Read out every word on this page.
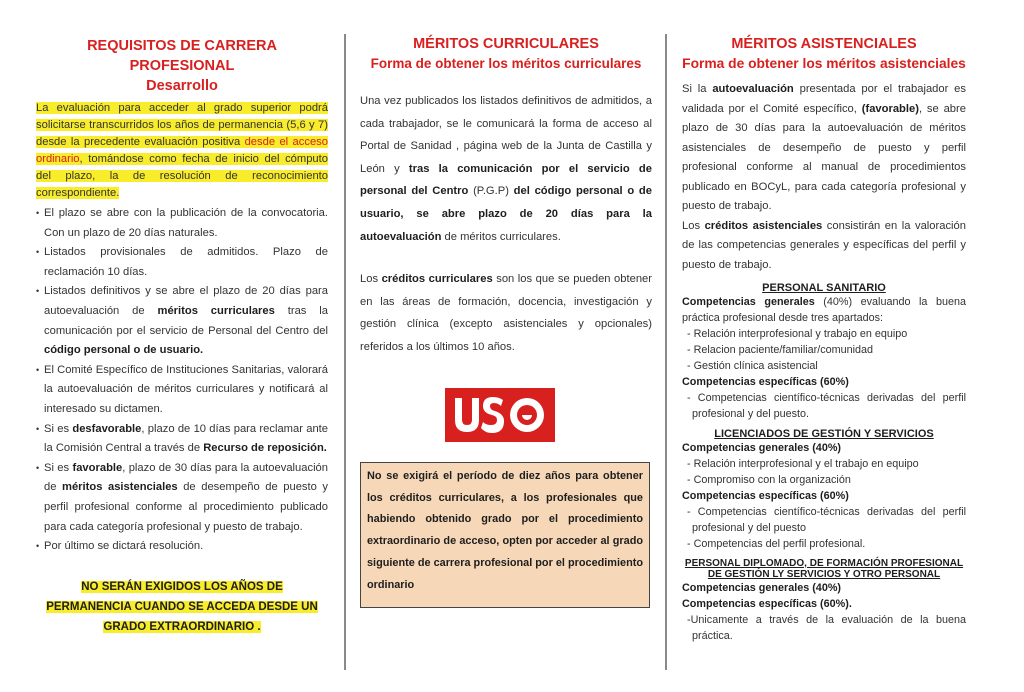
REQUISITOS DE CARRERA PROFESIONAL

Desarrollo

La evaluación para acceder al grado superior podrá solicitarse transcurridos los años de permanencia (5,6 y 7) desde la precedente evaluación positiva desde el acceso ordinario, tomándose como fecha de inicio del cómputo del plazo, la de resolución de reconocimiento correspondiente.

• El plazo se abre con la publicación de la convocatoria. Con un plazo de 20 días naturales.
• Listados provisionales de admitidos. Plazo de reclamación 10 días.
• Listados definitivos y se abre el plazo de 20 días para autoevaluación de méritos curriculares tras la comunicación por el servicio de Personal del Centro del código personal o de usuario.
• El Comité Específico de Instituciones Sanitarias, valorará la autoevaluación de méritos curriculares y notificará al interesado su dictamen.
• Si es desfavorable, plazo de 10 días para reclamar ante la Comisión Central a través de Recurso de reposición.
• Si es favorable, plazo de 30 días para la autoevaluación de méritos asistenciales de desempeño de puesto y perfil profesional conforme al procedimiento publicado para cada categoría profesional y puesto de trabajo.
• Por último se dictará resolución.
NO SERÁN EXIGIDOS LOS AÑOS DE
PERMANENCIA CUANDO SE ACCEDA DESDE UN
GRADO EXTRAORDINARIO .

MÉRITOS CURRICULARES

Forma de obtener los méritos curriculares

Una vez publicados los listados definitivos de admitidos, a cada trabajador, se le comunicará la forma de acceso al Portal de Sanidad , página web de la Junta de Castilla y León y tras la comunicación por el servicio de personal del Centro (P.G.P) del código personal o de usuario, se abre plazo de 20 días para la autoevaluación de méritos curriculares.

Los créditos curriculares son los que se pueden obtener en las áreas de formación, docencia, investigación y gestión clínica (excepto asistenciales y opcionales) referidos a los últimos 10 años.

No se exigirá el período de diez años para obtener los créditos curriculares, a los profesionales que habiendo obtenido grado por el procedimiento extraordinario de acceso, opten por acceder al grado siguiente de carrera profesional por el procedimiento ordinario

MÉRITOS ASISTENCIALES

Forma de obtener los méritos asistenciales

Si la autoevaluación presentada por el trabajador es validada por el Comité específico, (favorable), se abre plazo de 30 días para la autoevaluación de méritos asistenciales de desempeño de puesto y perfil profesional conforme al manual de procedimientos publicado en BOCyL, para cada categoría profesional y puesto de trabajo.

Los créditos asistenciales consistirán en la valoración de las competencias generales y específicas del perfil y puesto de trabajo.

PERSONAL SANITARIO

Competencias generales (40%) evaluando la buena práctica profesional desde tres apartados:

- Relación interprofesional y trabajo en equipo

- Relacion paciente/familiar/comunidad

- Gestión clínica asistencial

Competencias específicas (60%)

- Competencias científico-técnicas derivadas del perfil profesional y del puesto.

LICENCIADOS DE GESTIÓN Y SERVICIOS

Competencias generales (40%)

- Relación interprofesional y el trabajo en equipo

- Compromiso con la organización

Competencias específicas (60%)

- Competencias científico-técnicas derivadas del perfil profesional y del puesto

- Competencias del perfil profesional.

PERSONAL DIPLOMADO, DE FORMACIÓN PROFESIONAL

DE GESTIÓN LY SERVICIOS Y OTRO PERSONAL

Competencias generales (40%)

Competencias específicas (60%).

-Unicamente a través de la evaluación de la buena práctica.
